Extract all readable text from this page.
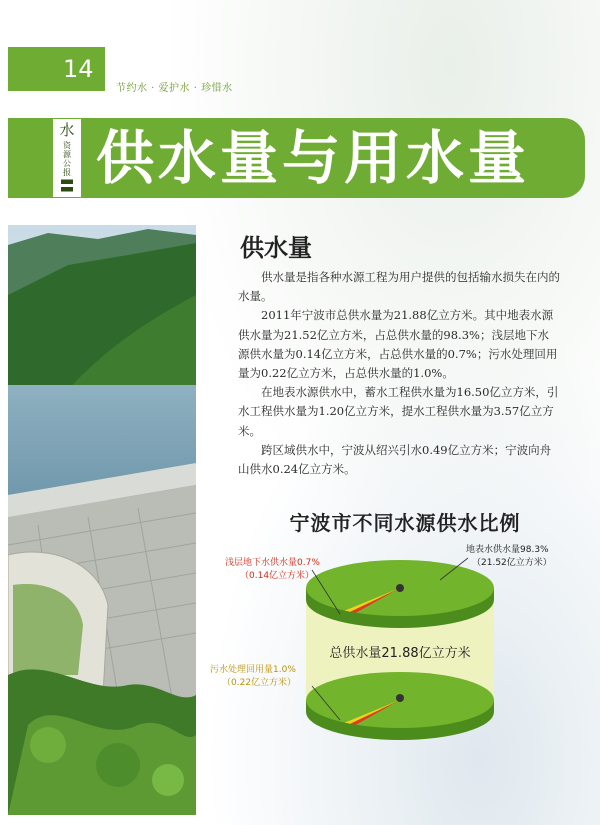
14
节约水 · 爱护水 · 珍惜水
水
资源公报
〓 供水量与用水量
供水量

供水量是指各种水源工程为用户提供的包括输水损失在内的水量。

2011年宁波市总供水量为21.88亿立方米。其中地表水源供水量为21.52亿立方米，占总供水量的98.3%；浅层地下水源供水量为0.14亿立方米，占总供水量的0.7%；污水处理回用量为0.22亿立方米，占总供水量的1.0%。

在地表水源供水中，蓄水工程供水量为16.50亿立方米，引水工程供水量为1.20亿立方米，提水工程供水量为3.57亿立方米。

跨区域供水中，宁波从绍兴引水0.49亿立方米；宁波向舟山供水0.24亿立方米。

宁波市不同水源供水比例
浅层地下水供水量0.7%
（0.14亿立方米）
地表水供水量98.3%
（21.52亿立方米）
污水处理回用量1.0%
（0.22亿立方米）
总供水量21.88亿立方米
